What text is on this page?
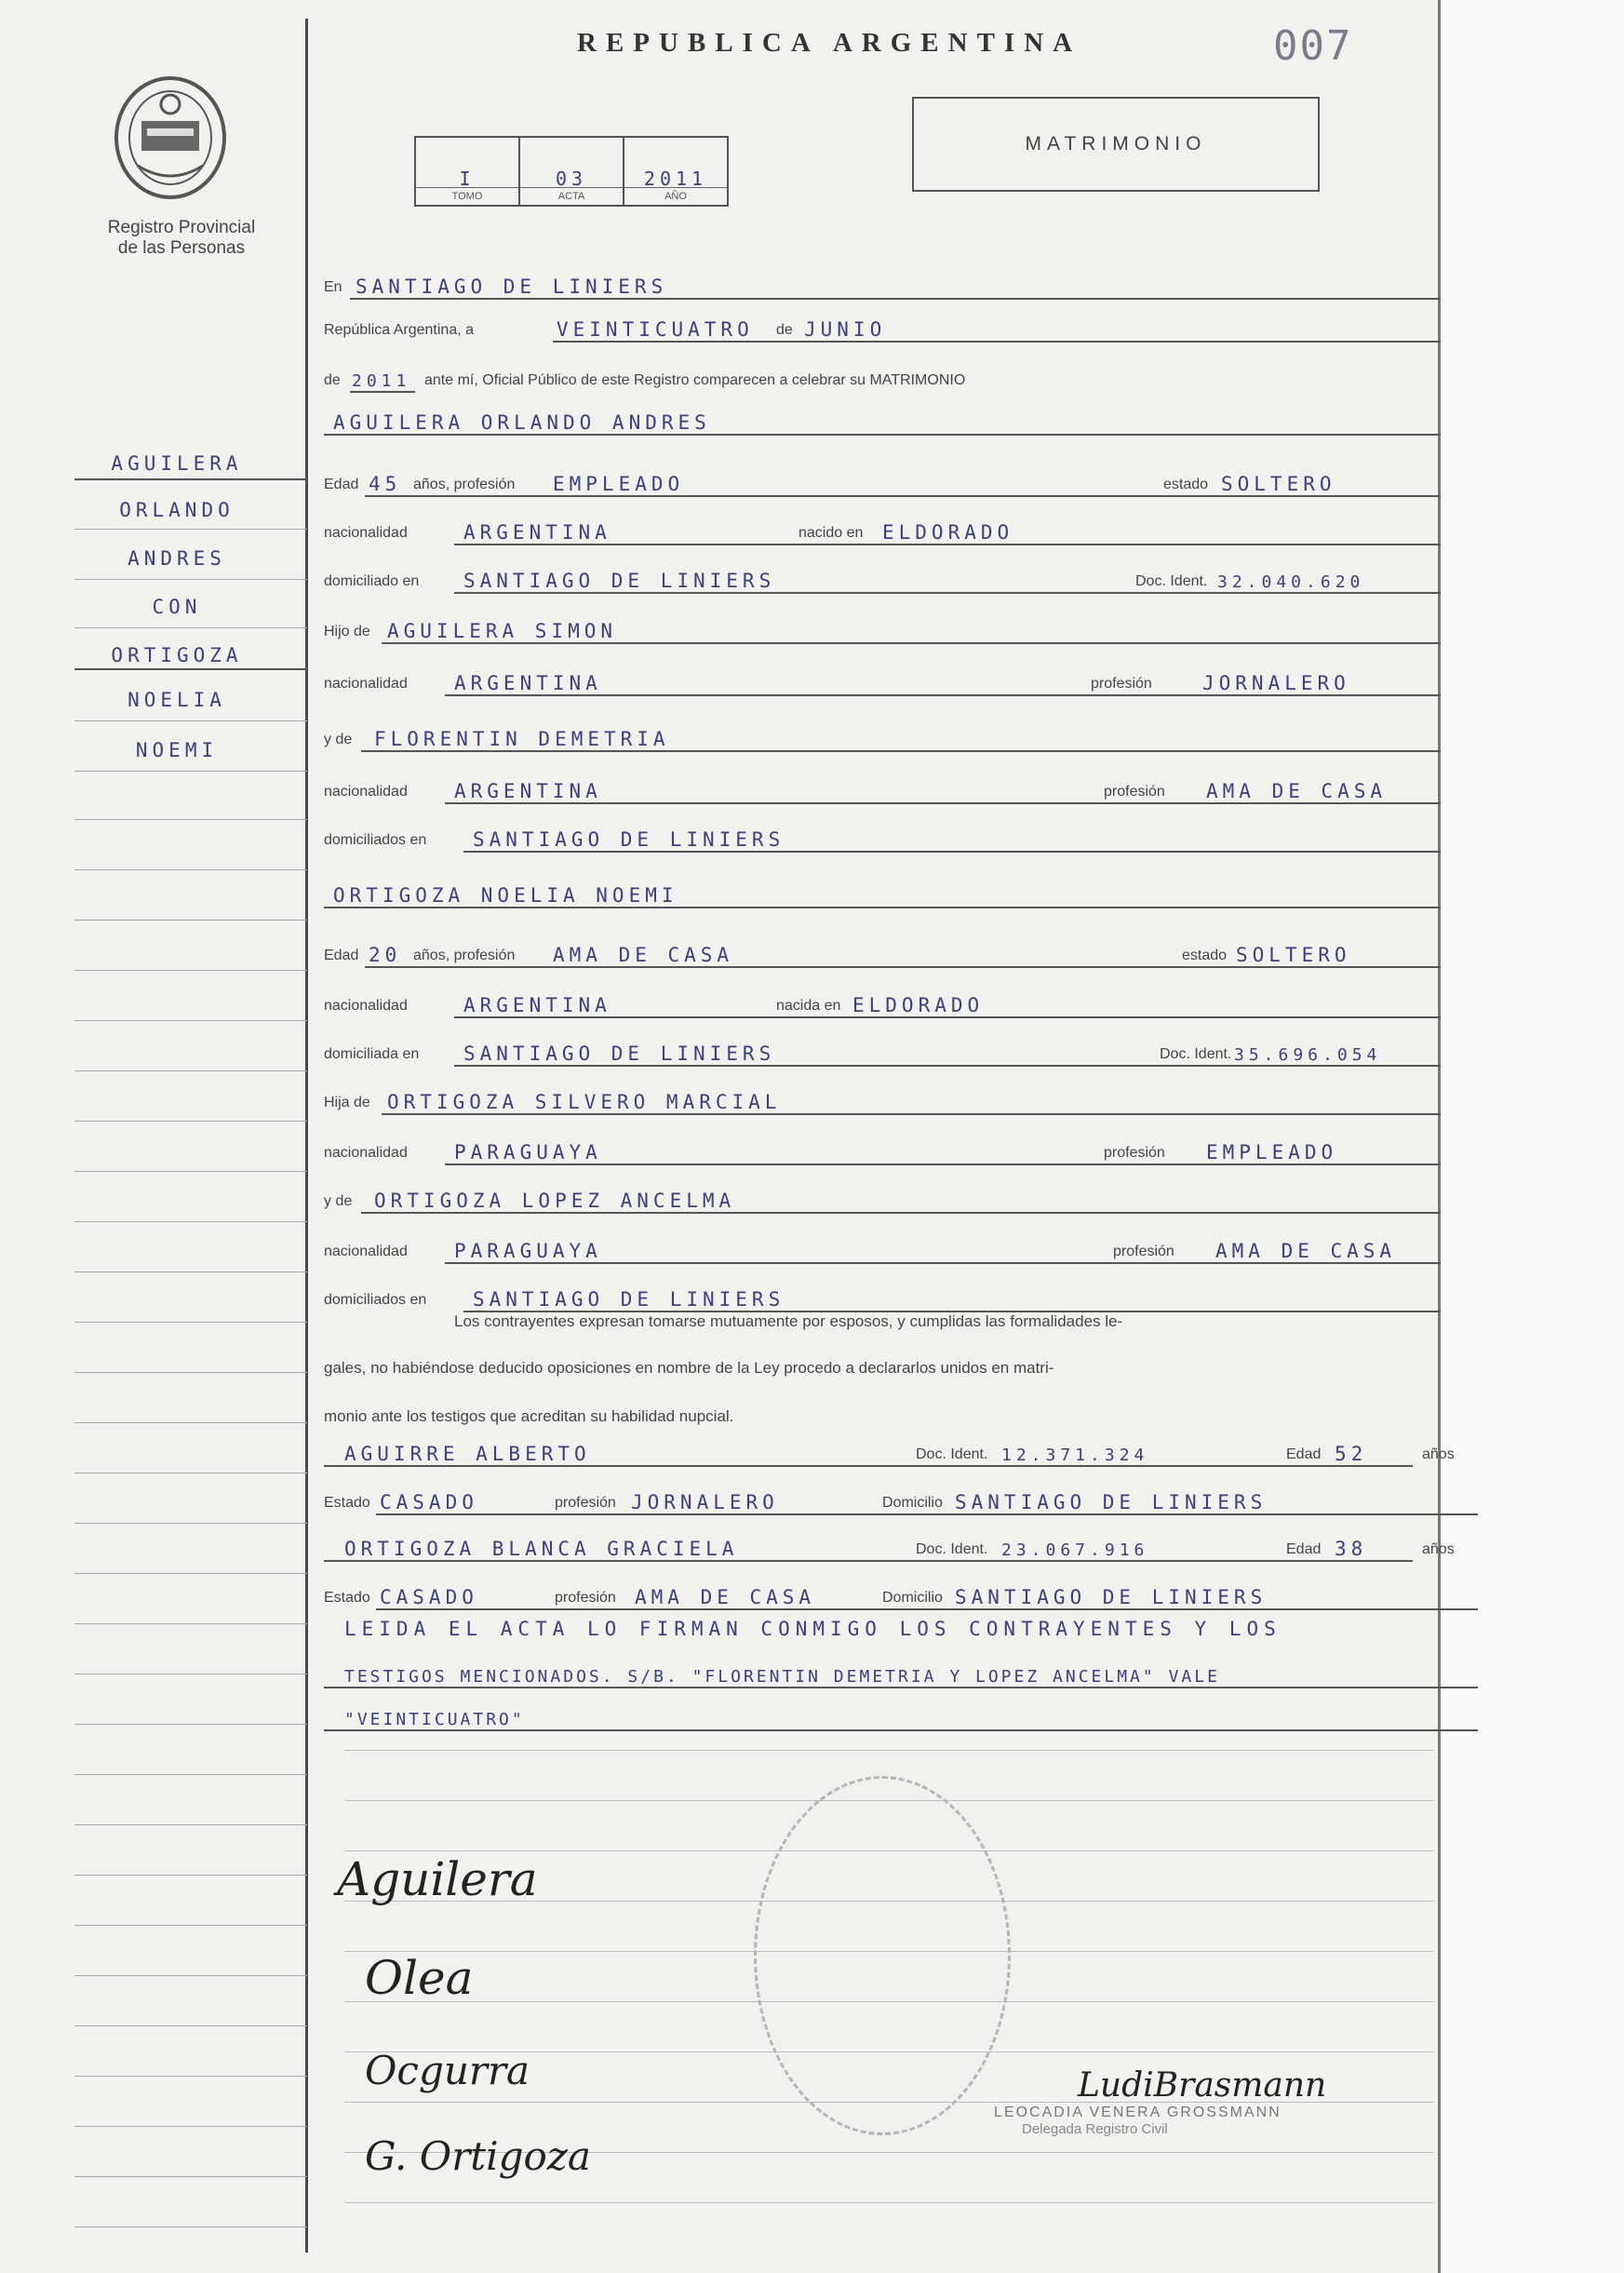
REPUBLICA ARGENTINA	007
Registro Provincial
de las Personas
I
TOMO

03
ACTA

2011
AÑO
MATRIMONIO
AGUILERA
ORLANDO
ANDRES
CON
ORTIGOZA
NOELIA
NOEMI
En SANTIAGO DE LINIERS
República Argentina, a	VEINTICUATRO de JUNIO
de 2011 ante mí, Oficial Público de este Registro comparecen a celebrar su MATRIMONIO
AGUILERA ORLANDO ANDRES
Edad 45 años, profesión EMPLEADO	estado SOLTERO
nacionalidad	ARGENTINA	nacido en ELDORADO
domiciliado en SANTIAGO DE LINIERS	Doc. Ident. 32.040.620
Hijo de AGUILERA SIMON
nacionalidad ARGENTINA	profesión	JORNALERO
y de FLORENTIN DEMETRIA
nacionalidad ARGENTINA	profesión AMA DE CASA
domiciliados en SANTIAGO DE LINIERS
ORTIGOZA NOELIA NOEMI
Edad 20 años, profesión AMA DE CASA	estado SOLTERO
nacionalidad	ARGENTINA	nacida en ELDORADO
domiciliada en SANTIAGO DE LINIERS	Doc. Ident. 35.696.054
Hija de ORTIGOZA SILVERO MARCIAL
nacionalidad PARAGUAYA	profesión EMPLEADO
y de ORTIGOZA LOPEZ ANCELMA
nacionalidad PARAGUAYA	profesión AMA DE CASA
domiciliados en SANTIAGO DE LINIERS
Los contrayentes expresan tomarse mutuamente por esposos, y cumplidas las formalidades le-
gales, no habiéndose deducido oposiciones en nombre de la Ley procedo a declararlos unidos en matri-
monio ante los testigos que acreditan su habilidad nupcial.
AGUIRRE ALBERTO	Doc. Ident. 12.371.324	Edad 52	años
Estado CASADO	profesión JORNALERO	Domicilio SANTIAGO DE LINIERS
ORTIGOZA BLANCA GRACIELA	Doc. Ident. 23.067.916	Edad 38	años
Estado CASADO	profesión AMA DE CASA	Domicilio SANTIAGO DE LINIERS
LEIDA EL ACTA LO FIRMAN CONMIGO LOS CONTRAYENTES Y LOS
TESTIGOS MENCIONADOS. S/B. "FLORENTIN DEMETRIA Y LOPEZ ANCELMA" VALE
"VEINTICUATRO"
Aguilera
Olea
Ocgurra
G. Ortigoza
LudiBrasmann
LEOCADIA VENERA GROSSMANN
Delegada Registro Civil
